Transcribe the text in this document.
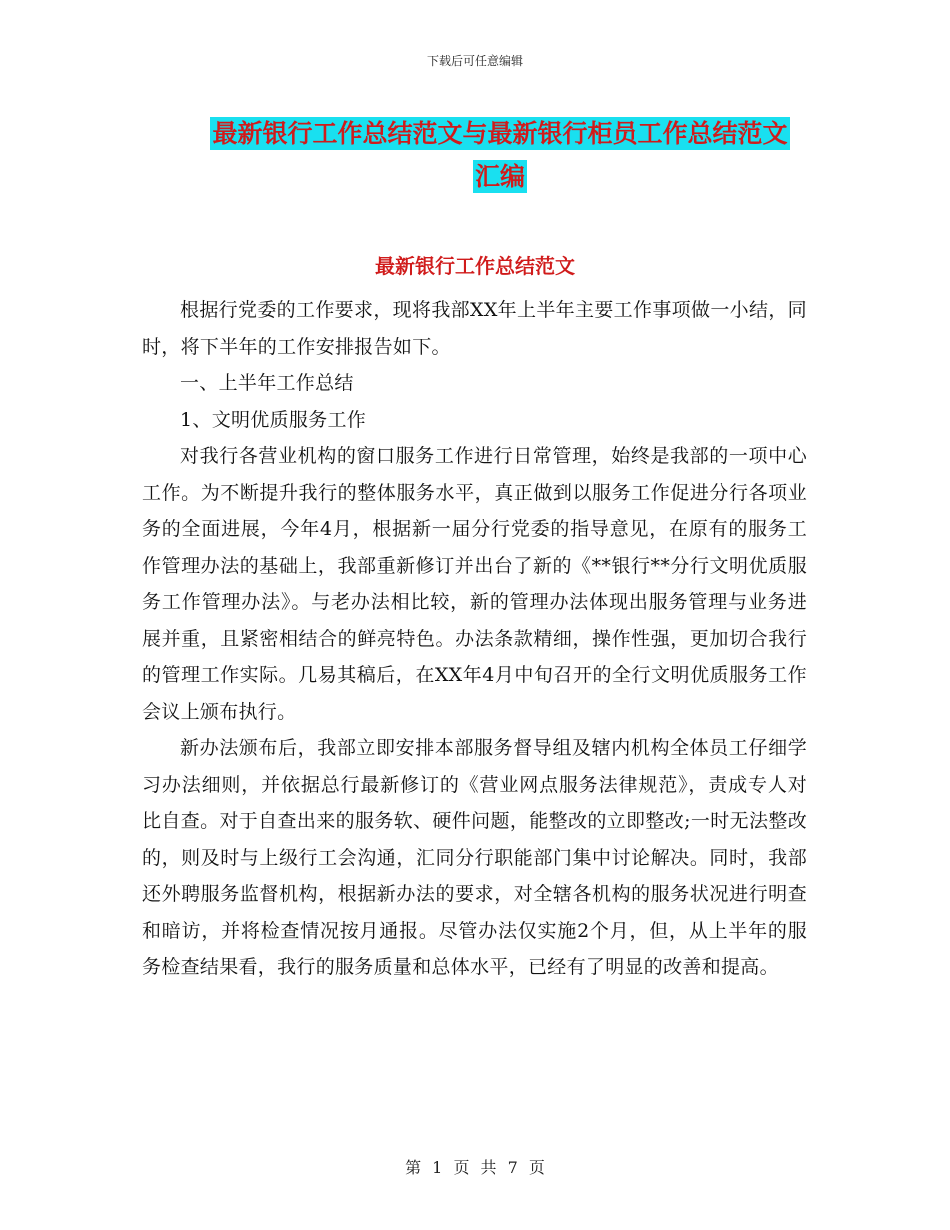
下载后可任意编辑
最新银行工作总结范文与最新银行柜员工作总结范文
汇编
最新银行工作总结范文

根据行党委的工作要求，现将我部XX年上半年主要工作事项做一小结，同时，将下半年的工作安排报告如下。

一、上半年工作总结

1、文明优质服务工作

对我行各营业机构的窗口服务工作进行日常管理，始终是我部的一项中心工作。为不断提升我行的整体服务水平，真正做到以服务工作促进分行各项业务的全面进展，今年4月，根据新一届分行党委的指导意见，在原有的服务工作管理办法的基础上，我部重新修订并出台了新的《**银行**分行文明优质服务工作管理办法》。与老办法相比较，新的管理办法体现出服务管理与业务进展并重，且紧密相结合的鲜亮特色。办法条款精细，操作性强，更加切合我行的管理工作实际。几易其稿后，在XX年4月中旬召开的全行文明优质服务工作会议上颁布执行。

新办法颁布后，我部立即安排本部服务督导组及辖内机构全体员工仔细学习办法细则，并依据总行最新修订的《营业网点服务法律规范》，责成专人对比自查。对于自查出来的服务软、硬件问题，能整改的立即整改;一时无法整改的，则及时与上级行工会沟通，汇同分行职能部门集中讨论解决。同时，我部还外聘服务监督机构，根据新办法的要求，对全辖各机构的服务状况进行明查和暗访，并将检查情况按月通报。尽管办法仅实施2个月，但，从上半年的服务检查结果看，我行的服务质量和总体水平，已经有了明显的改善和提高。

第 1 页 共 7 页
